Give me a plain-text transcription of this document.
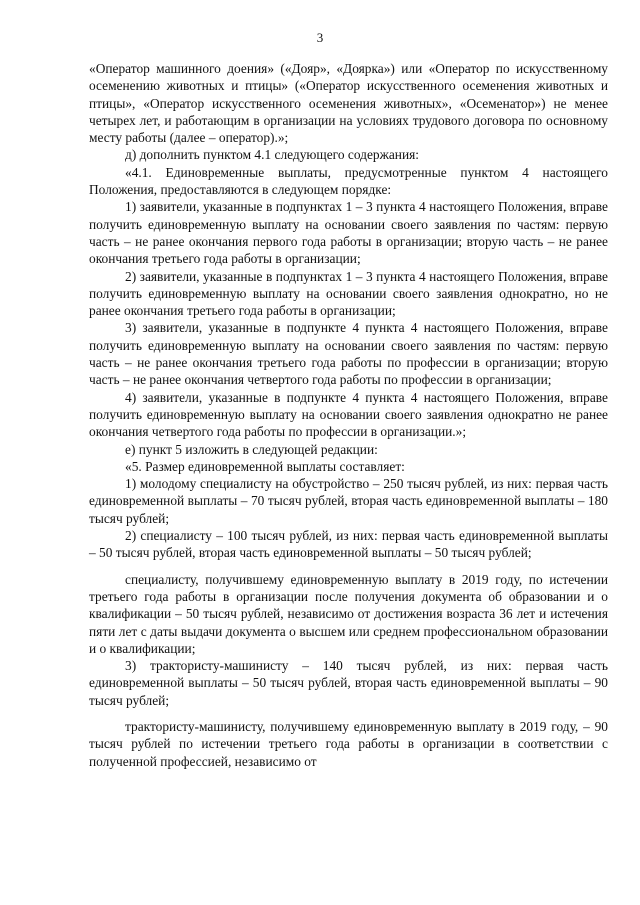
3

«Оператор машинного доения» («Дояр», «Доярка») или «Оператор по искусственному осеменению животных и птицы» («Оператор искусственного осеменения животных и птицы», «Оператор искусственного осеменения животных», «Осеменатор») не менее четырех лет, и работающим в организации на условиях трудового договора по основному месту работы (далее – оператор).»;

д) дополнить пунктом 4.1 следующего содержания:

«4.1. Единовременные выплаты, предусмотренные пунктом 4 настоящего Положения, предоставляются в следующем порядке:

1) заявители, указанные в подпунктах 1 – 3 пункта 4 настоящего Положения, вправе получить единовременную выплату на основании своего заявления по частям: первую часть – не ранее окончания первого года работы в организации; вторую часть – не ранее окончания третьего года работы в организации;

2) заявители, указанные в подпунктах 1 – 3 пункта 4 настоящего Положения, вправе получить единовременную выплату на основании своего заявления однократно, но не ранее окончания третьего года работы в организации;

3) заявители, указанные в подпункте 4 пункта 4 настоящего Положения, вправе получить единовременную выплату на основании своего заявления по частям: первую часть – не ранее окончания третьего года работы по профессии в организации; вторую часть – не ранее окончания четвертого года работы по профессии в организации;

4) заявители, указанные в подпункте 4 пункта 4 настоящего Положения, вправе получить единовременную выплату на основании своего заявления однократно не ранее окончания четвертого года работы по профессии в организации.»;

е) пункт 5 изложить в следующей редакции:

«5. Размер единовременной выплаты составляет:

1) молодому специалисту на обустройство – 250 тысяч рублей, из них: первая часть единовременной выплаты – 70 тысяч рублей, вторая часть единовременной выплаты – 180 тысяч рублей;

2) специалисту – 100 тысяч рублей, из них: первая часть единовременной выплаты – 50 тысяч рублей, вторая часть единовременной выплаты – 50 тысяч рублей;

специалисту, получившему единовременную выплату в 2019 году, по истечении третьего года работы в организации после получения документа об образовании и о квалификации – 50 тысяч рублей, независимо от достижения возраста 36 лет и истечения пяти лет с даты выдачи документа о высшем или среднем профессиональном образовании и о квалификации;

3) трактористу-машинисту – 140 тысяч рублей, из них: первая часть единовременной выплаты – 50 тысяч рублей, вторая часть единовременной выплаты – 90 тысяч рублей;

трактористу-машинисту, получившему единовременную выплату в 2019 году, – 90 тысяч рублей по истечении третьего года работы в организации в соответствии с полученной профессией, независимо от
